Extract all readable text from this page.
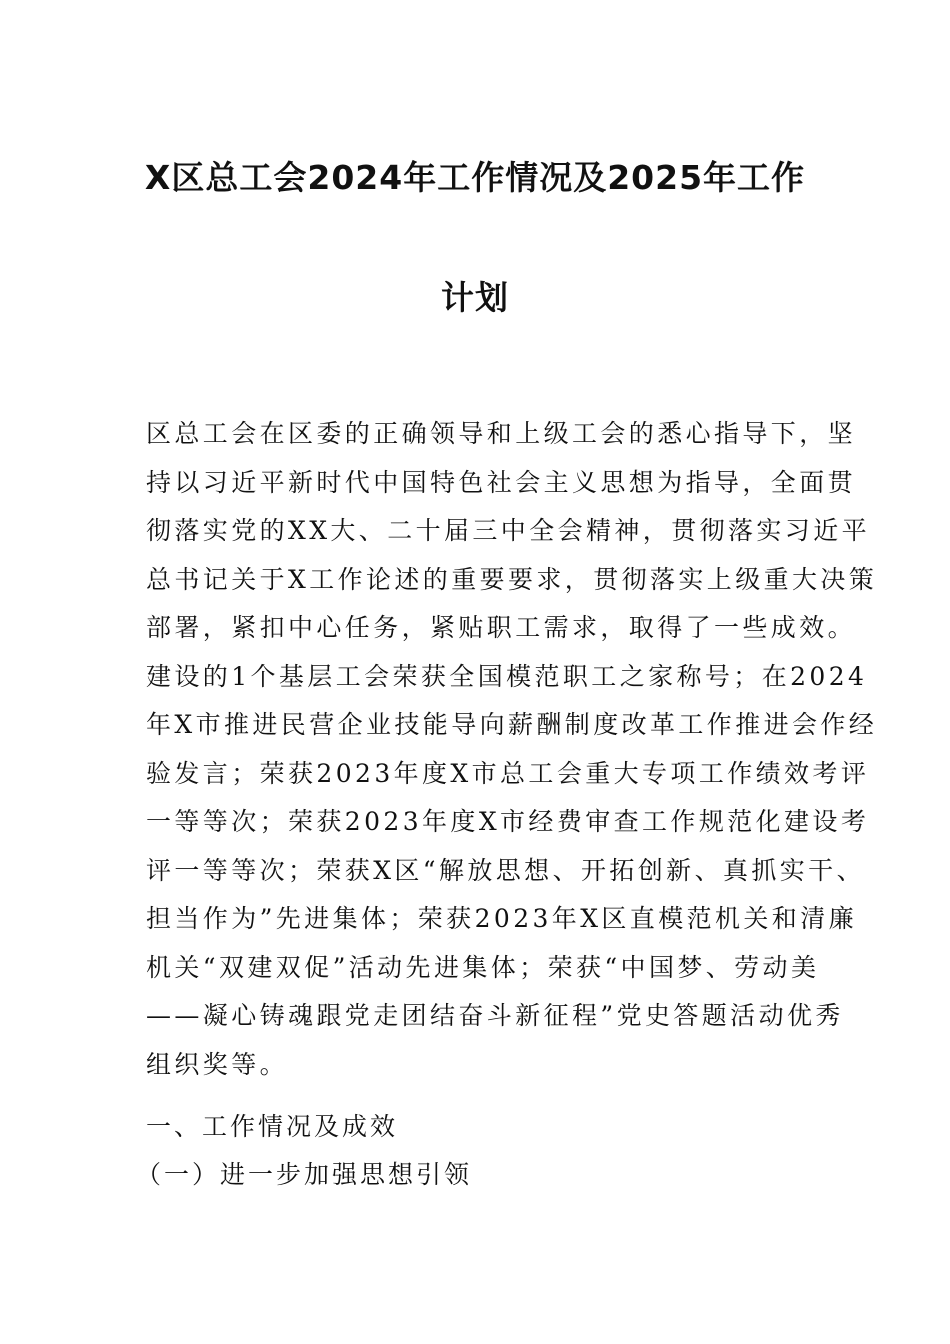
X区总工会2024年工作情况及2025年工作
计划
区总工会在区委的正确领导和上级工会的悉心指导下，坚
持以习近平新时代中国特色社会主义思想为指导，全面贯
彻落实党的XX大、二十届三中全会精神，贯彻落实习近平
总书记关于X工作论述的重要要求，贯彻落实上级重大决策
部署，紧扣中心任务，紧贴职工需求，取得了一些成效。
建设的1个基层工会荣获全国模范职工之家称号；在2024
年X市推进民营企业技能导向薪酬制度改革工作推进会作经
验发言；荣获2023年度X市总工会重大专项工作绩效考评
一等等次；荣获2023年度X市经费审查工作规范化建设考
评一等等次；荣获X区“解放思想、开拓创新、真抓实干、
担当作为”先进集体；荣获2023年X区直模范机关和清廉
机关“双建双促”活动先进集体；荣获“中国梦、劳动美
——凝心铸魂跟党走团结奋斗新征程”党史答题活动优秀
组织奖等。

一、工作情况及成效

（一）进一步加强思想引领
